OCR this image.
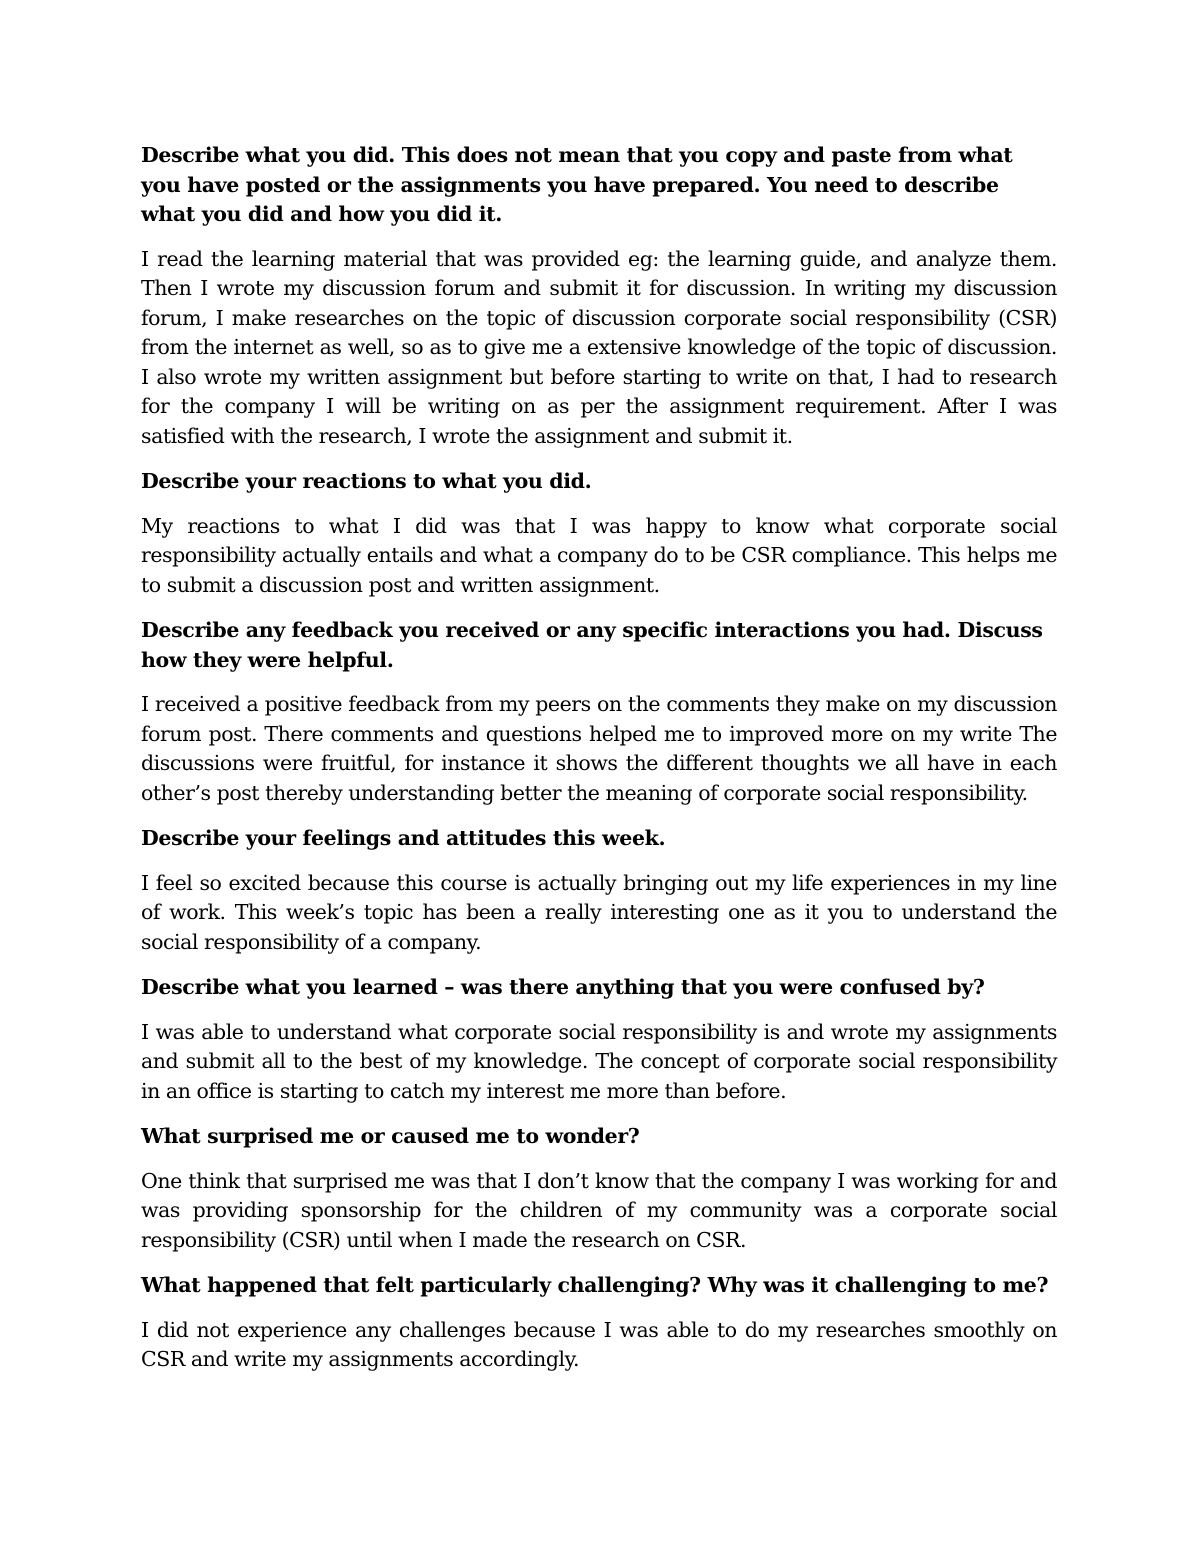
Describe what you did. This does not mean that you copy and paste from what you have posted or the assignments you have prepared. You need to describe what you did and how you did it.

I read the learning material that was provided eg: the learning guide, and analyze them. Then I wrote my discussion forum and submit it for discussion. In writing my discussion forum, I make researches on the topic of discussion corporate social responsibility (CSR) from the internet as well, so as to give me a extensive knowledge of the topic of discussion. I also wrote my written assignment but before starting to write on that, I had to research for the company I will be writing on as per the assignment requirement. After I was satisfied with the research, I wrote the assignment and submit it.

Describe your reactions to what you did.

My reactions to what I did was that I was happy to know what corporate social responsibility actually entails and what a company do to be CSR compliance. This helps me to submit a discussion post and written assignment.

Describe any feedback you received or any specific interactions you had. Discuss how they were helpful.

I received a positive feedback from my peers on the comments they make on my discussion forum post. There comments and questions helped me to improved more on my write The discussions were fruitful, for instance it shows the different thoughts we all have in each other’s post thereby understanding better the meaning of corporate social responsibility.

Describe your feelings and attitudes this week.

I feel so excited because this course is actually bringing out my life experiences in my line of work. This week’s topic has been a really interesting one as it you to understand the social responsibility of a company.

Describe what you learned – was there anything that you were confused by?

I was able to understand what corporate social responsibility is and wrote my assignments and submit all to the best of my knowledge. The concept of corporate social responsibility in an office is starting to catch my interest me more than before.

What surprised me or caused me to wonder?

One think that surprised me was that I don’t know that the company I was working for and was providing sponsorship for the children of my community was a corporate social responsibility (CSR) until when I made the research on CSR.

What happened that felt particularly challenging? Why was it challenging to me?

I did not experience any challenges because I was able to do my researches smoothly on CSR and write my assignments accordingly.
